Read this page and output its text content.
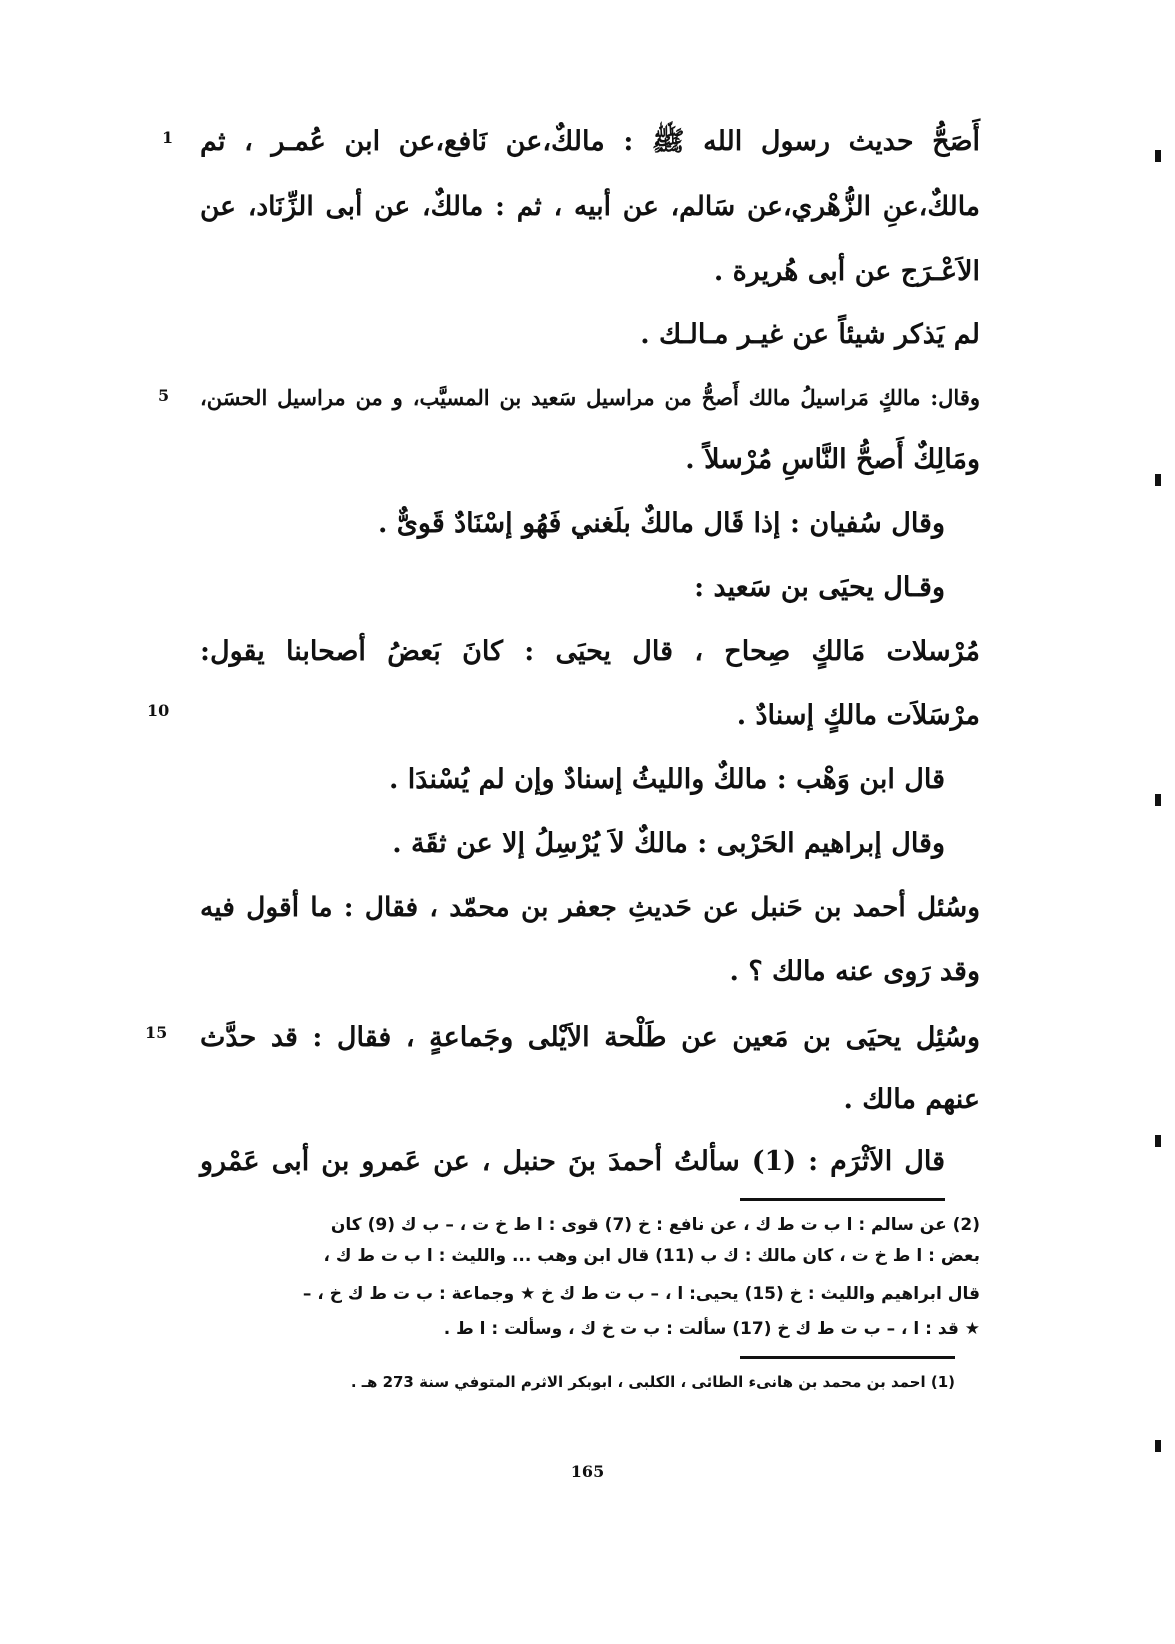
أَصَحُّ حديث رسول الله ﷺ : مالكٌ،عن نَافع،عن ابن عُمـر ، ثم
مالكٌ،عنِ الزُّهْري،عن سَالم، عن أبيه ، ثم : مالكٌ، عن أبى الزِّنَاد، عن
الاَعْـرَج عن أبى هُريرة .
لم يَذكر شيئاً عن غيـر مـالـك .
وقال: مالكٍ مَراسيلُ مالك أَصحُّ من مراسيل سَعيد بن المسيَّب، و من مراسيل الحسَن،
ومَالِكٌ أَصحُّ النَّاسِ مُرْسلاً .
وقال سُفيان : إذا قَال مالكٌ بلَغني فَهُو إسْنَادٌ قَوىٌّ .
وقـال يحيَى بن سَعيد :
مُرْسلات مَالكٍ صِحاح ، قال يحيَى : كانَ بَعضُ أصحابنا يقول:
مرْسَلاَت مالكٍ إسنادٌ .
قال ابن وَهْب : مالكٌ والليثُ إسنادٌ وإن لم يُسْندَا .
وقال إبراهيم الحَرْبى : مالكٌ لاَ يُرْسِلُ إلا عن ثقَة .
وسُئل أحمد بن حَنبل عن حَديثِ جعفر بن محمّد ، فقال : ما أقول فيه
وقد رَوى عنه مالك ؟ .
وسُئِل يحيَى بن مَعين عن طَلْحة الاَيْلى وجَماعةٍ ، فقال : قد حدَّث
عنهم مالك .
قال الاَثْرَم : (1) سألتُ أحمدَ بنَ حنبل ، عن عَمرو بن أبى عَمْرو
1
5
10
15
(2) عن سالم : ا ب ت ط ك ، عن نافع : خ (7) قوى : ا ط خ ت ، – ب ك (9) كان
بعض : ا ط خ ت ، كان مالك : ك ب (11) قال ابن وهب ... والليث : ا ب ت ط ك ،
قال ابراهيم والليث : خ (15) يحيى: ا ، – ب ت ط ك خ ★ وجماعة : ب ت ط ك خ ، –
★ قد : ا ، – ب ت ط ك خ (17) سألت : ب ت خ ك ، وسألت : ا ط .
(1) احمد بن محمد بن هانىء الطائى ، الكلبى ، ابوبكر الاثرم المتوفي سنة 273 هـ .
165
